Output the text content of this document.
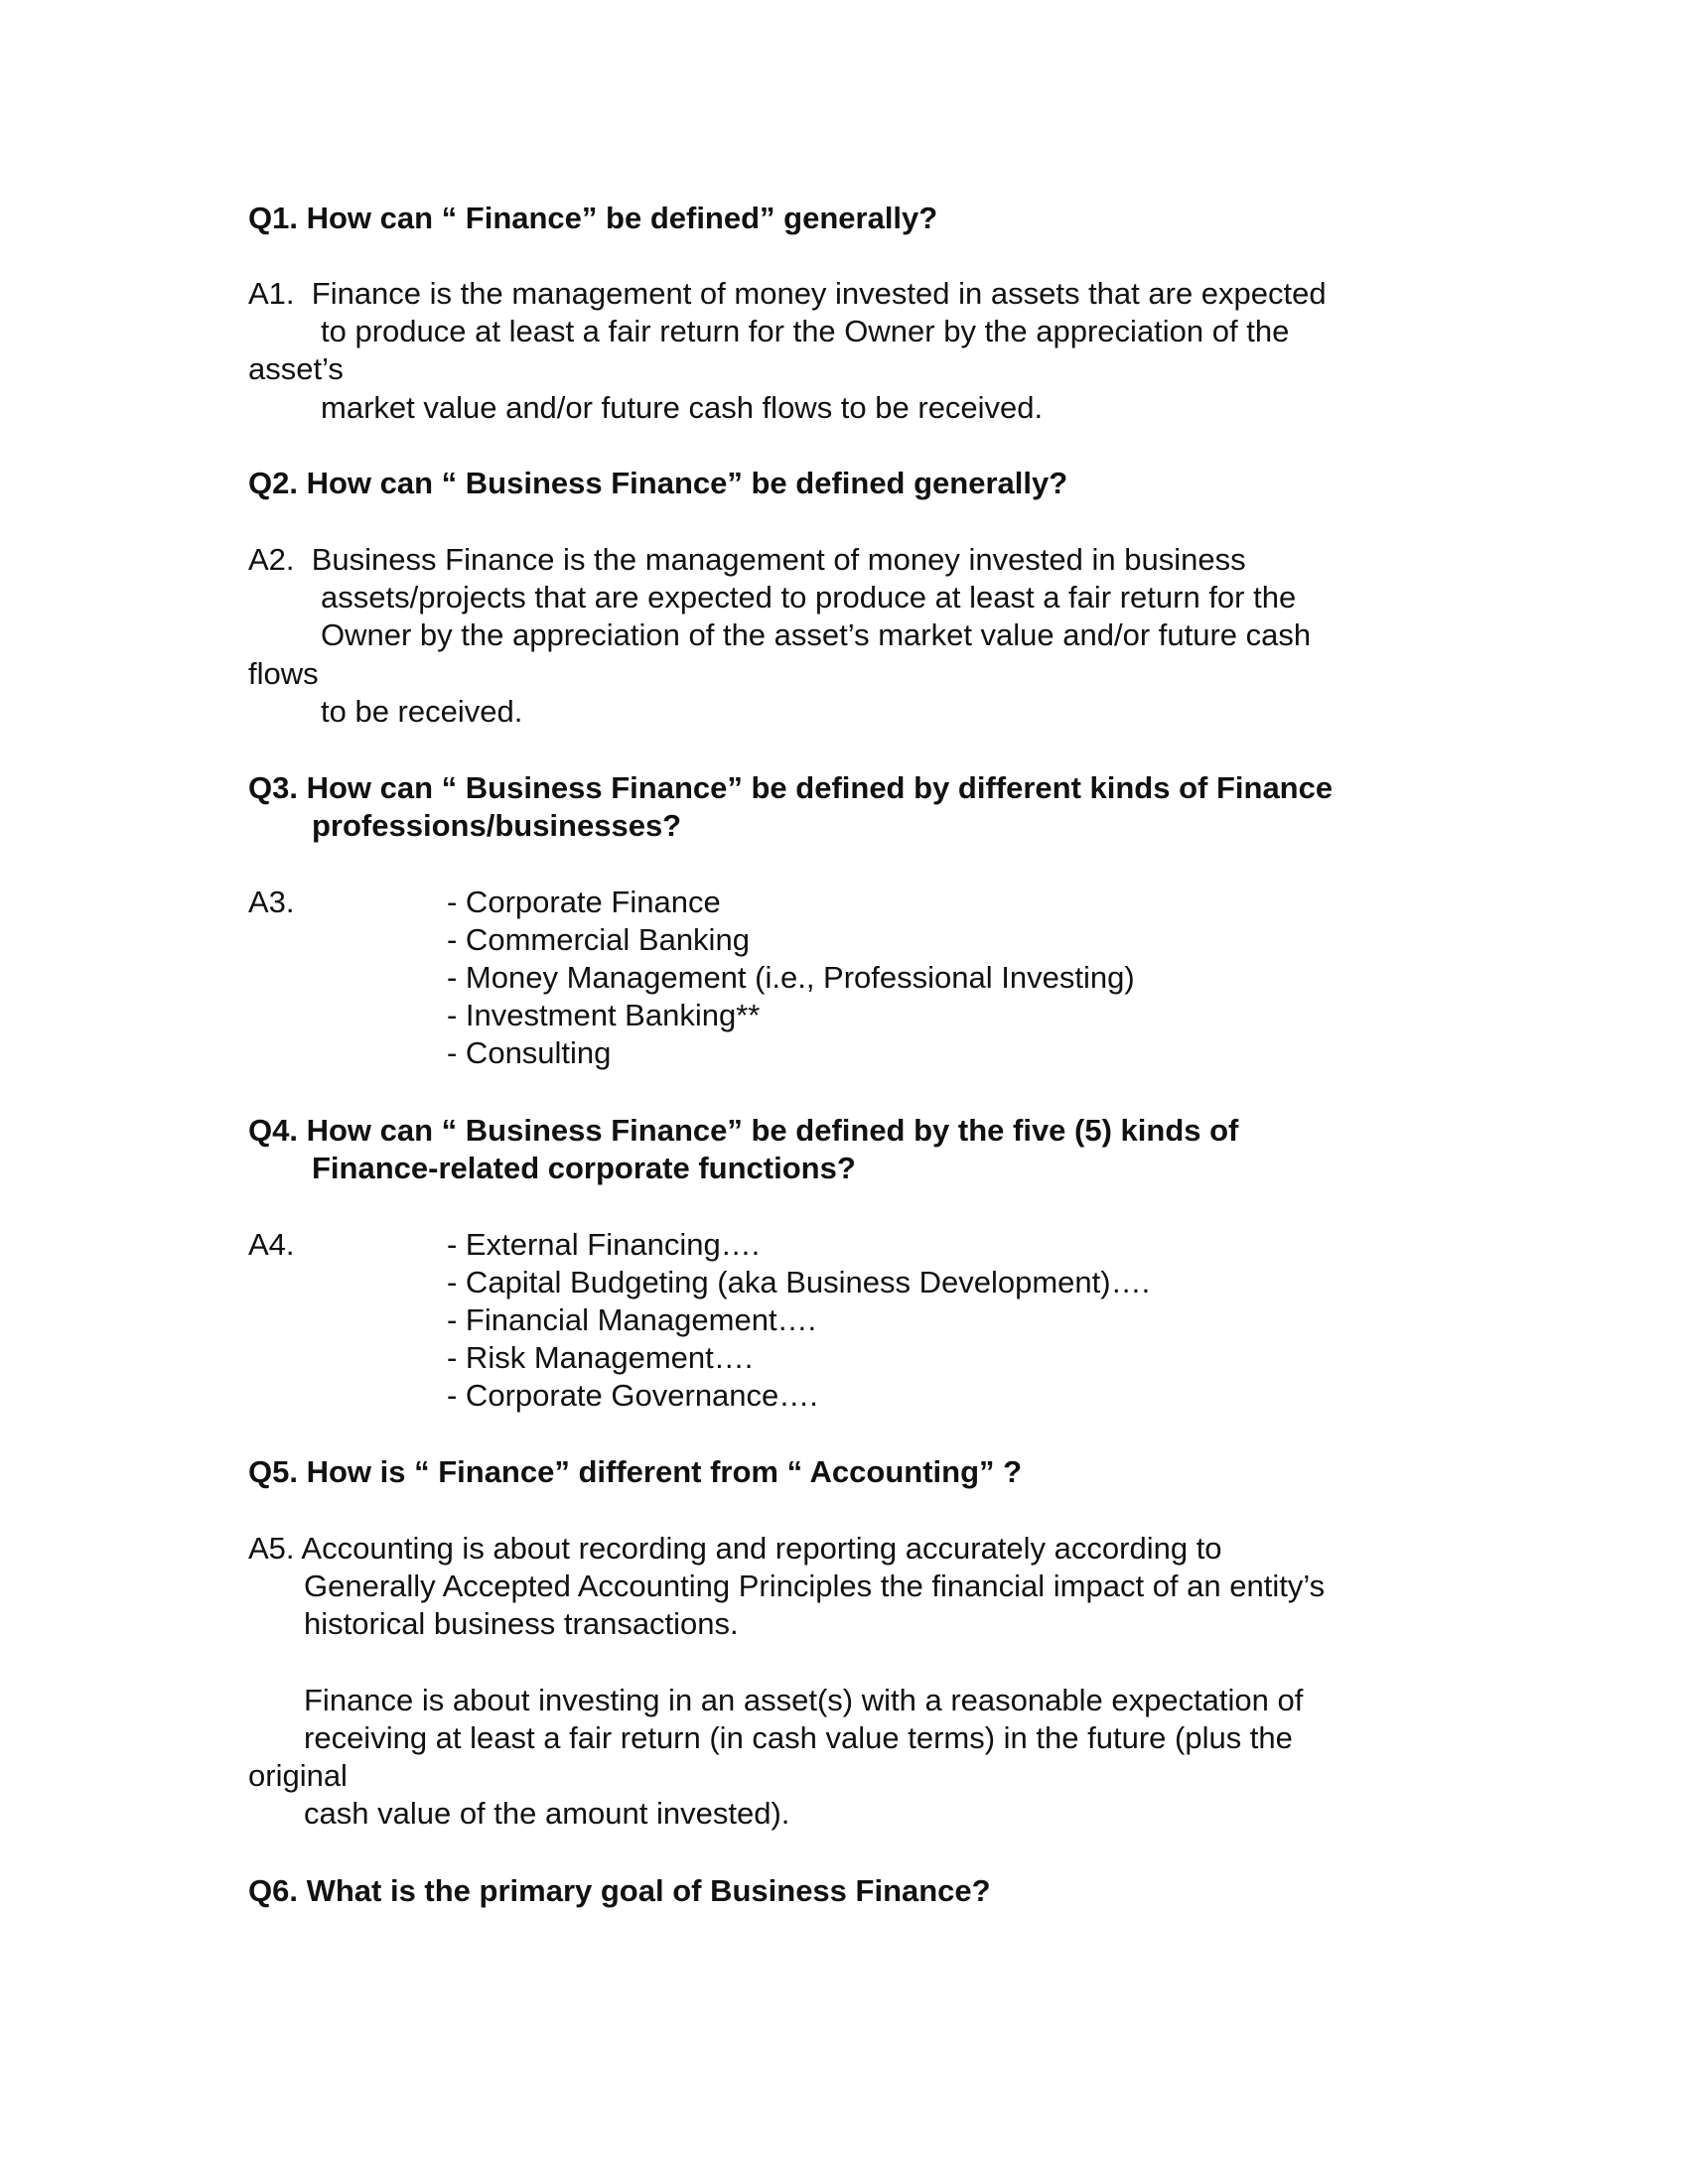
Q1. How can “ Finance” be defined” generally?

A1.  Finance is the management of money invested in assets that are expected

to produce at least a fair return for the Owner by the appreciation of the

asset’s

market value and/or future cash flows to be received.

Q2. How can “ Business Finance” be defined generally?

A2.  Business Finance is the management of money invested in business

assets/projects that are expected to produce at least a fair return for the

Owner by the appreciation of the asset’s market value and/or future cash

flows

to be received.

Q3. How can “ Business Finance” be defined by different kinds of Finance

professions/businesses?

A3.	- Corporate Finance

- Commercial Banking

- Money Management (i.e., Professional Investing)

- Investment Banking**

- Consulting

Q4. How can “ Business Finance” be defined by the five (5) kinds of

Finance-related corporate functions?

A4.	- External Financing….

- Capital Budgeting (aka Business Development)….

- Financial Management….

- Risk Management….

- Corporate Governance….

Q5. How is “ Finance” different from “ Accounting” ?

A5. Accounting is about recording and reporting accurately according to

Generally Accepted Accounting Principles the financial impact of an entity’s

historical business transactions.

Finance is about investing in an asset(s) with a reasonable expectation of

receiving at least a fair return (in cash value terms) in the future (plus the

original

cash value of the amount invested).

Q6. What is the primary goal of Business Finance?
